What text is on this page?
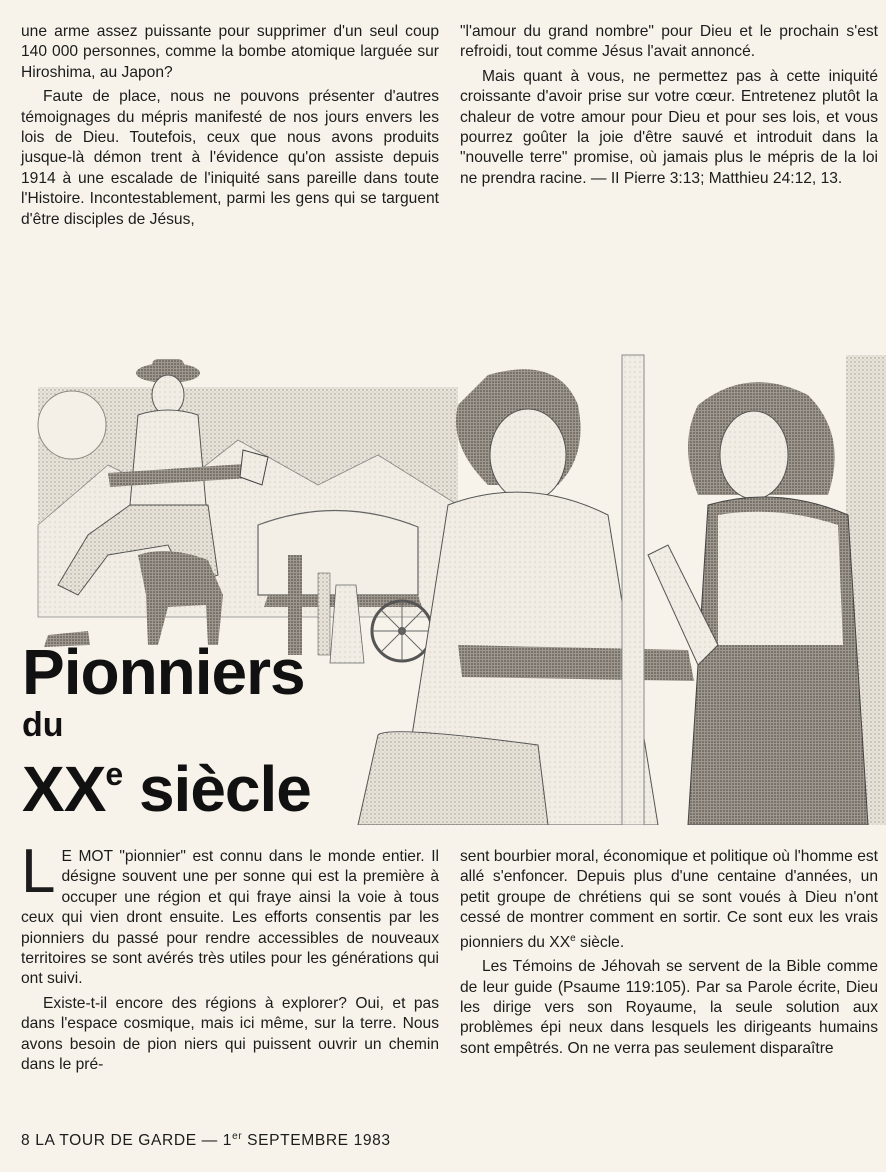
une arme assez puissante pour supprimer d'un seul coup 140 000 personnes, comme la bombe atomique larguée sur Hiroshima, au Japon?

Faute de place, nous ne pouvons présenter d'autres témoignages du mépris manifesté de nos jours envers les lois de Dieu. Toutefois, ceux que nous avons produits jusque-là démon trent à l'évidence qu'on assiste depuis 1914 à une escalade de l'iniquité sans pareille dans toute l'Histoire. Incontestablement, parmi les gens qui se targuent d'être disciples de Jésus,

"l'amour du grand nombre" pour Dieu et le prochain s'est refroidi, tout comme Jésus l'avait annoncé.

Mais quant à vous, ne permettez pas à cette iniquité croissante d'avoir prise sur votre cœur. Entretenez plutôt la chaleur de votre amour pour Dieu et pour ses lois, et vous pourrez goûter la joie d'être sauvé et introduit dans la "nouvelle terre" promise, où jamais plus le mépris de la loi ne prendra racine. — II Pierre 3:13; Matthieu 24:12, 13.

Pionniers
du
XXe siècle

L E MOT "pionnier" est connu dans le monde entier. Il désigne souvent une per sonne qui est la première à occuper une région et qui fraye ainsi la voie à tous ceux qui vien dront ensuite. Les efforts consentis par les pionniers du passé pour rendre accessibles de nouveaux territoires se sont avérés très utiles pour les générations qui ont suivi.

Existe-t-il encore des régions à explorer? Oui, et pas dans l'espace cosmique, mais ici même, sur la terre. Nous avons besoin de pion niers qui puissent ouvrir un chemin dans le pré-

sent bourbier moral, économique et politique où l'homme est allé s'enfoncer. Depuis plus d'une centaine d'années, un petit groupe de chrétiens qui se sont voués à Dieu n'ont cessé de montrer comment en sortir. Ce sont eux les vrais pionniers du XXe siècle.

Les Témoins de Jéhovah se servent de la Bible comme de leur guide (Psaume 119:105). Par sa Parole écrite, Dieu les dirige vers son Royaume, la seule solution aux problèmes épi neux dans lesquels les dirigeants humains sont empêtrés. On ne verra pas seulement disparaître

8 LA TOUR DE GARDE — 1er SEPTEMBRE 1983
